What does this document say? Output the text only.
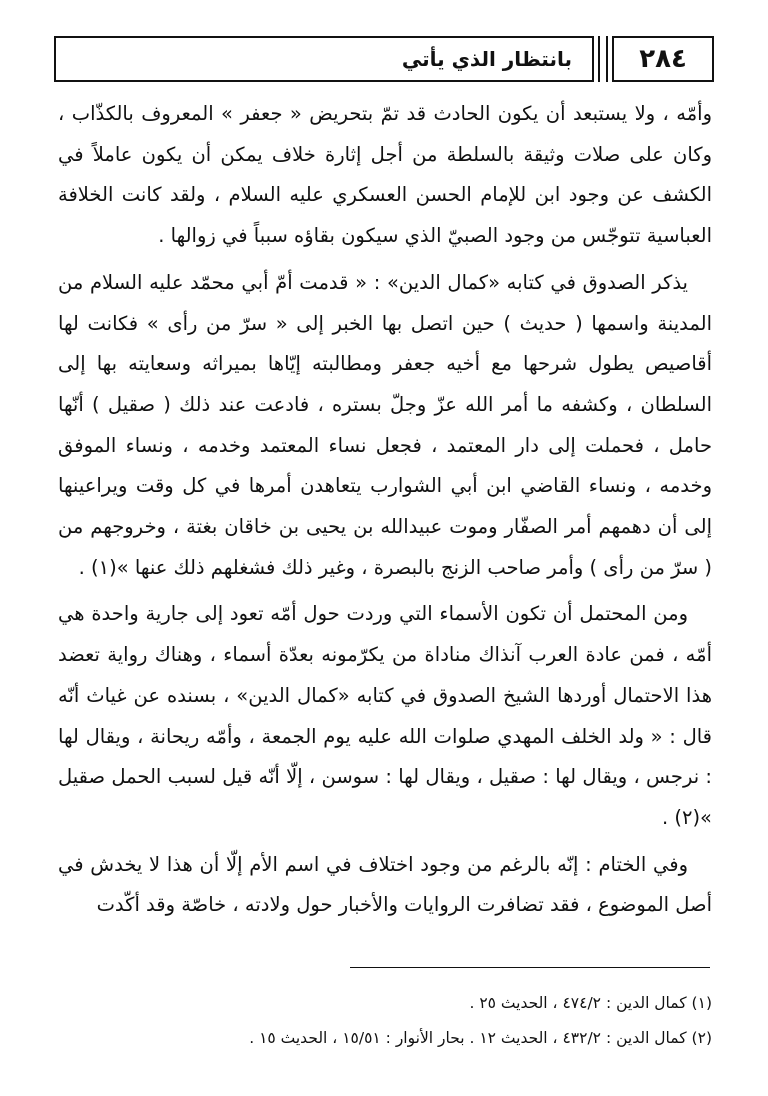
٢٨٤
بانتظار الذي يأتي

وأمّه ، ولا يستبعد أن يكون الحادث قد تمّ بتحريض « جعفر » المعروف بالكذّاب ، وكان على صلات وثيقة بالسلطة من أجل إثارة خلاف يمكن أن يكون عاملاً في الكشف عن وجود ابن للإمام الحسن العسكري عليه السلام ، ولقد كانت الخلافة العباسية تتوجّس من وجود الصبيّ الذي سيكون بقاؤه سبباً في زوالها .

يذكر الصدوق في كتابه «كمال الدين» : « قدمت أمّ أبي محمّد عليه السلام من المدينة واسمها ( حديث ) حين اتصل بها الخبر إلى « سرّ من رأى » فكانت لها أقاصيص يطول شرحها مع أخيه جعفر ومطالبته إيّاها بميراثه وسعايته بها إلى السلطان ، وكشفه ما أمر الله عزّ وجلّ بستره ، فادعت عند ذلك ( صقيل ) أنّها حامل ، فحملت إلى دار المعتمد ، فجعل نساء المعتمد وخدمه ، ونساء الموفق وخدمه ، ونساء القاضي ابن أبي الشوارب يتعاهدن أمرها في كل وقت ويراعينها إلى أن دهمهم أمر الصفّار وموت عبيدالله بن يحيى بن خاقان بغتة ، وخروجهم من ( سرّ من رأى ) وأمر صاحب الزنج بالبصرة ، وغير ذلك فشغلهم ذلك عنها »(١) .

ومن المحتمل أن تكون الأسماء التي وردت حول أمّه تعود إلى جارية واحدة هي أمّه ، فمن عادة العرب آنذاك مناداة من يكرّمونه بعدّة أسماء ، وهناك رواية تعضد هذا الاحتمال أوردها الشيخ الصدوق في كتابه «كمال الدين» ، بسنده عن غياث أنّه قال : « ولد الخلف المهدي صلوات الله عليه يوم الجمعة ، وأمّه ريحانة ، ويقال لها : نرجس ، ويقال لها : صقيل ، ويقال لها : سوسن ، إلّا أنّه قيل لسبب الحمل صقيل »(٢) .

وفي الختام : إنّه بالرغم من وجود اختلاف في اسم الأم إلّا أن هذا لا يخدش في أصل الموضوع ، فقد تضافرت الروايات والأخبار حول ولادته ، خاصّة وقد أكّدت

(١) كمال الدين : ٤٧٤/٢ ، الحديث ٢٥ .
(٢) كمال الدين : ٤٣٢/٢ ، الحديث ١٢ . بحار الأنوار : ١٥/٥١ ، الحديث ١٥ .
